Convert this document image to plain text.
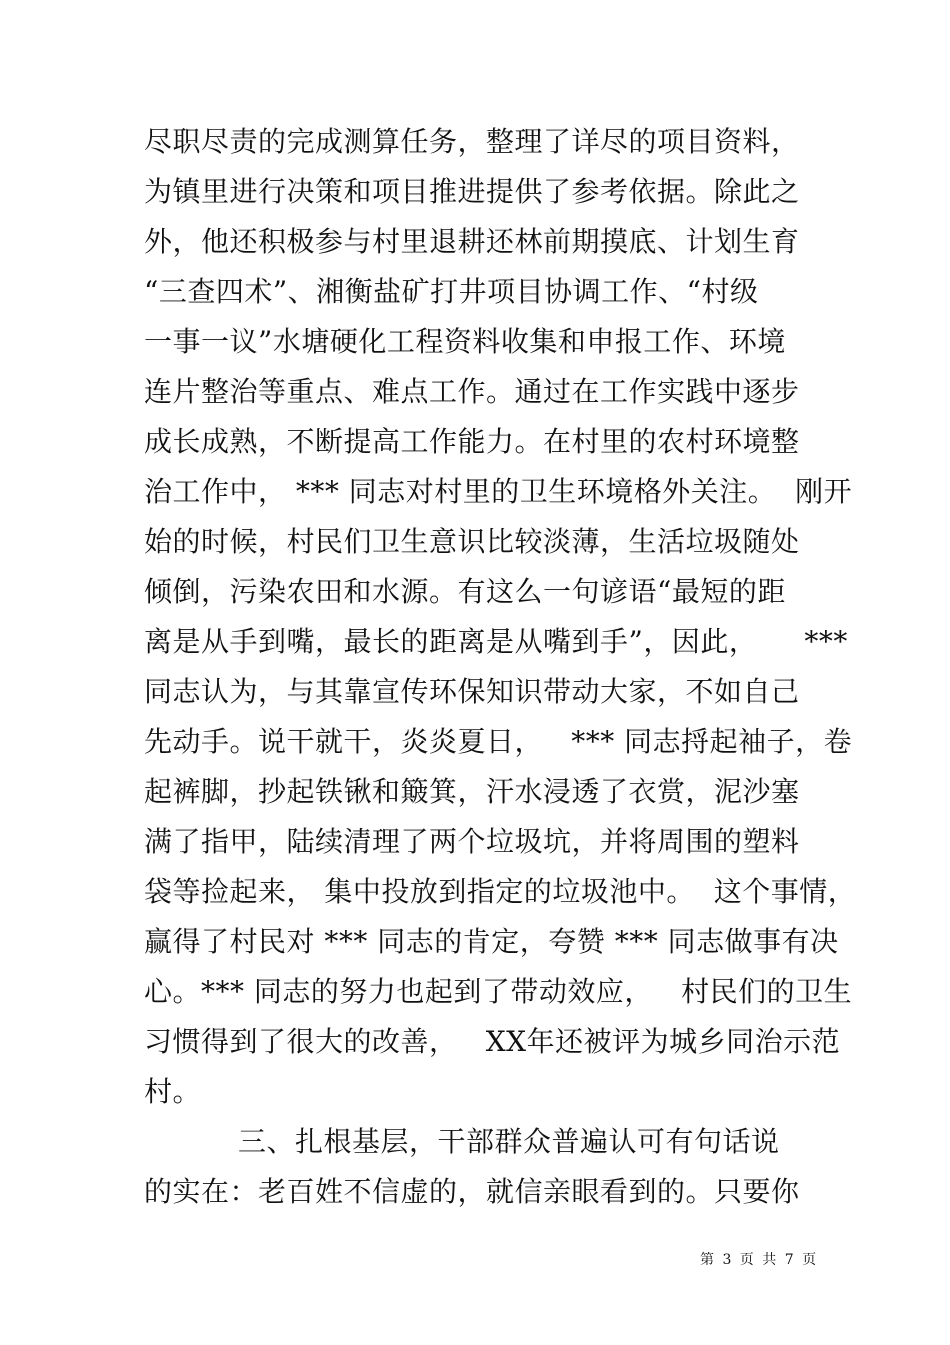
尽职尽责的完成测算任务，整理了详尽的项目资料，
为镇里进行决策和项目推进提供了参考依据。除此之
外，他还积极参与村里退耕还林前期摸底、计划生育
“三查四术”、湘衡盐矿打井项目协调工作、“村级
一事一议”水塘硬化工程资料收集和申报工作、环境
连片整治等重点、难点工作。通过在工作实践中逐步
成长成熟，不断提高工作能力。在村里的农村环境整
治工作中， *** 同志对村里的卫生环境格外关注。  刚开
始的时候，村民们卫生意识比较淡薄，生活垃圾随处
倾倒，污染农田和水源。有这么一句谚语“最短的距
离是从手到嘴，最长的距离是从嘴到手”，因此，     ***
同志认为，与其靠宣传环保知识带动大家，不如自己
先动手。说干就干，炎炎夏日，   *** 同志捋起袖子，卷
起裤脚，抄起铁锹和簸箕，汗水浸透了衣赏，泥沙塞
满了指甲，陆续清理了两个垃圾坑，并将周围的塑料
袋等捡起来， 集中投放到指定的垃圾池中。  这个事情，
赢得了村民对 *** 同志的肯定，夸赞 *** 同志做事有决
心。*** 同志的努力也起到了带动效应，   村民们的卫生
习惯得到了很大的改善，   XX年还被评为城乡同治示范
村。
三、扎根基层，干部群众普遍认可有句话说
的实在：老百姓不信虚的，就信亲眼看到的。只要你
第 3 页 共 7 页
